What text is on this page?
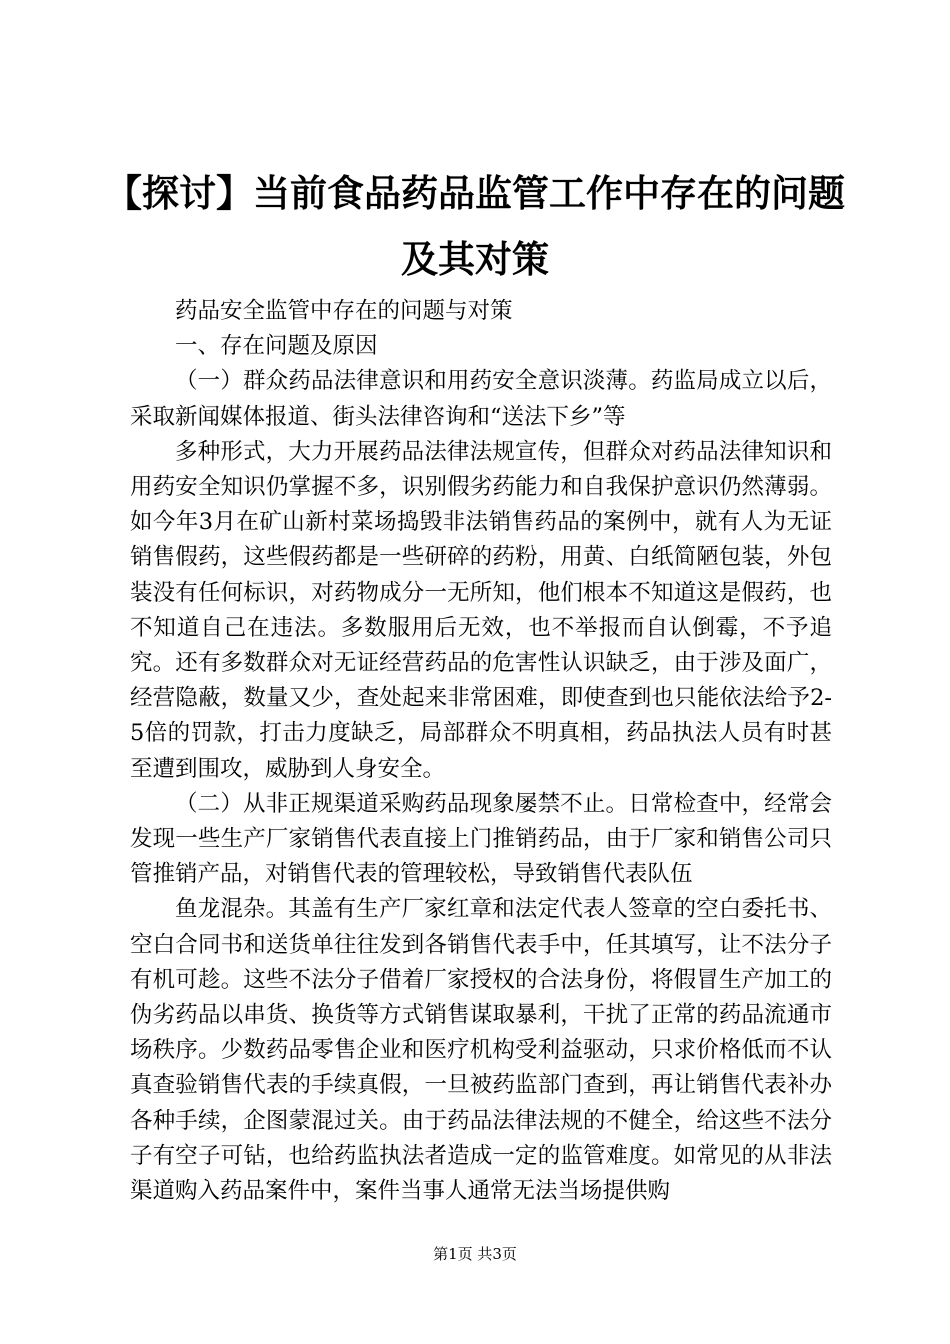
【探讨】当前食品药品监管工作中存在的问题
及其对策

药品安全监管中存在的问题与对策

一、存在问题及原因

（一）群众药品法律意识和用药安全意识淡薄。药监局成立以后，采取新闻媒体报道、街头法律咨询和“送法下乡”等

多种形式，大力开展药品法律法规宣传，但群众对药品法律知识和用药安全知识仍掌握不多，识别假劣药能力和自我保护意识仍然薄弱。如今年3月在矿山新村菜场捣毁非法销售药品的案例中，就有人为无证销售假药，这些假药都是一些研碎的药粉，用黄、白纸简陋包装，外包装没有任何标识，对药物成分一无所知，他们根本不知道这是假药，也不知道自己在违法。多数服用后无效，也不举报而自认倒霉，不予追究。还有多数群众对无证经营药品的危害性认识缺乏，由于涉及面广，经营隐蔽，数量又少，查处起来非常困难，即使查到也只能依法给予2-5倍的罚款，打击力度缺乏，局部群众不明真相，药品执法人员有时甚至遭到围攻，威胁到人身安全。

（二）从非正规渠道采购药品现象屡禁不止。日常检查中，经常会发现一些生产厂家销售代表直接上门推销药品，由于厂家和销售公司只管推销产品，对销售代表的管理较松，导致销售代表队伍

鱼龙混杂。其盖有生产厂家红章和法定代表人签章的空白委托书、空白合同书和送货单往往发到各销售代表手中，任其填写，让不法分子有机可趁。这些不法分子借着厂家授权的合法身份，将假冒生产加工的伪劣药品以串货、换货等方式销售谋取暴利，干扰了正常的药品流通市场秩序。少数药品零售企业和医疗机构受利益驱动，只求价格低而不认真查验销售代表的手续真假，一旦被药监部门查到，再让销售代表补办各种手续，企图蒙混过关。由于药品法律法规的不健全，给这些不法分子有空子可钻，也给药监执法者造成一定的监管难度。如常见的从非法渠道购入药品案件中，案件当事人通常无法当场提供购

第1页 共3页
